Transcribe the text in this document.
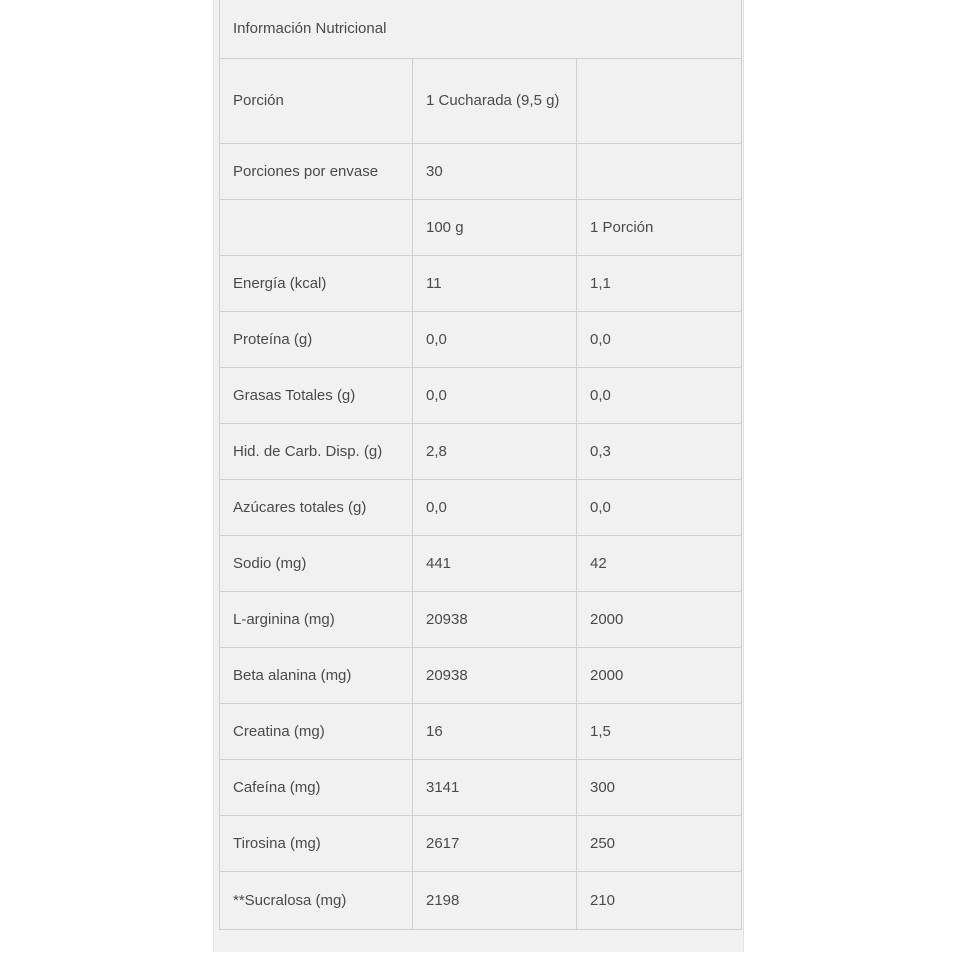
Información Nutricional		
Porción	1 Cucharada (9,5 g)	
Porciones por envase	30	
	100 g	1 Porción
Energía (kcal)	11	1,1
Proteína (g)	0,0	0,0
Grasas Totales (g)	0,0	0,0
Hid. de Carb. Disp. (g)	2,8	0,3
Azúcares totales (g)	0,0	0,0
Sodio (mg)	441	42
L-arginina (mg)	20938	2000
Beta alanina (mg)	20938	2000
Creatina (mg)	16	1,5
Cafeína (mg)	3141	300
Tirosina (mg)	2617	250
**Sucralosa (mg)	2198	210
